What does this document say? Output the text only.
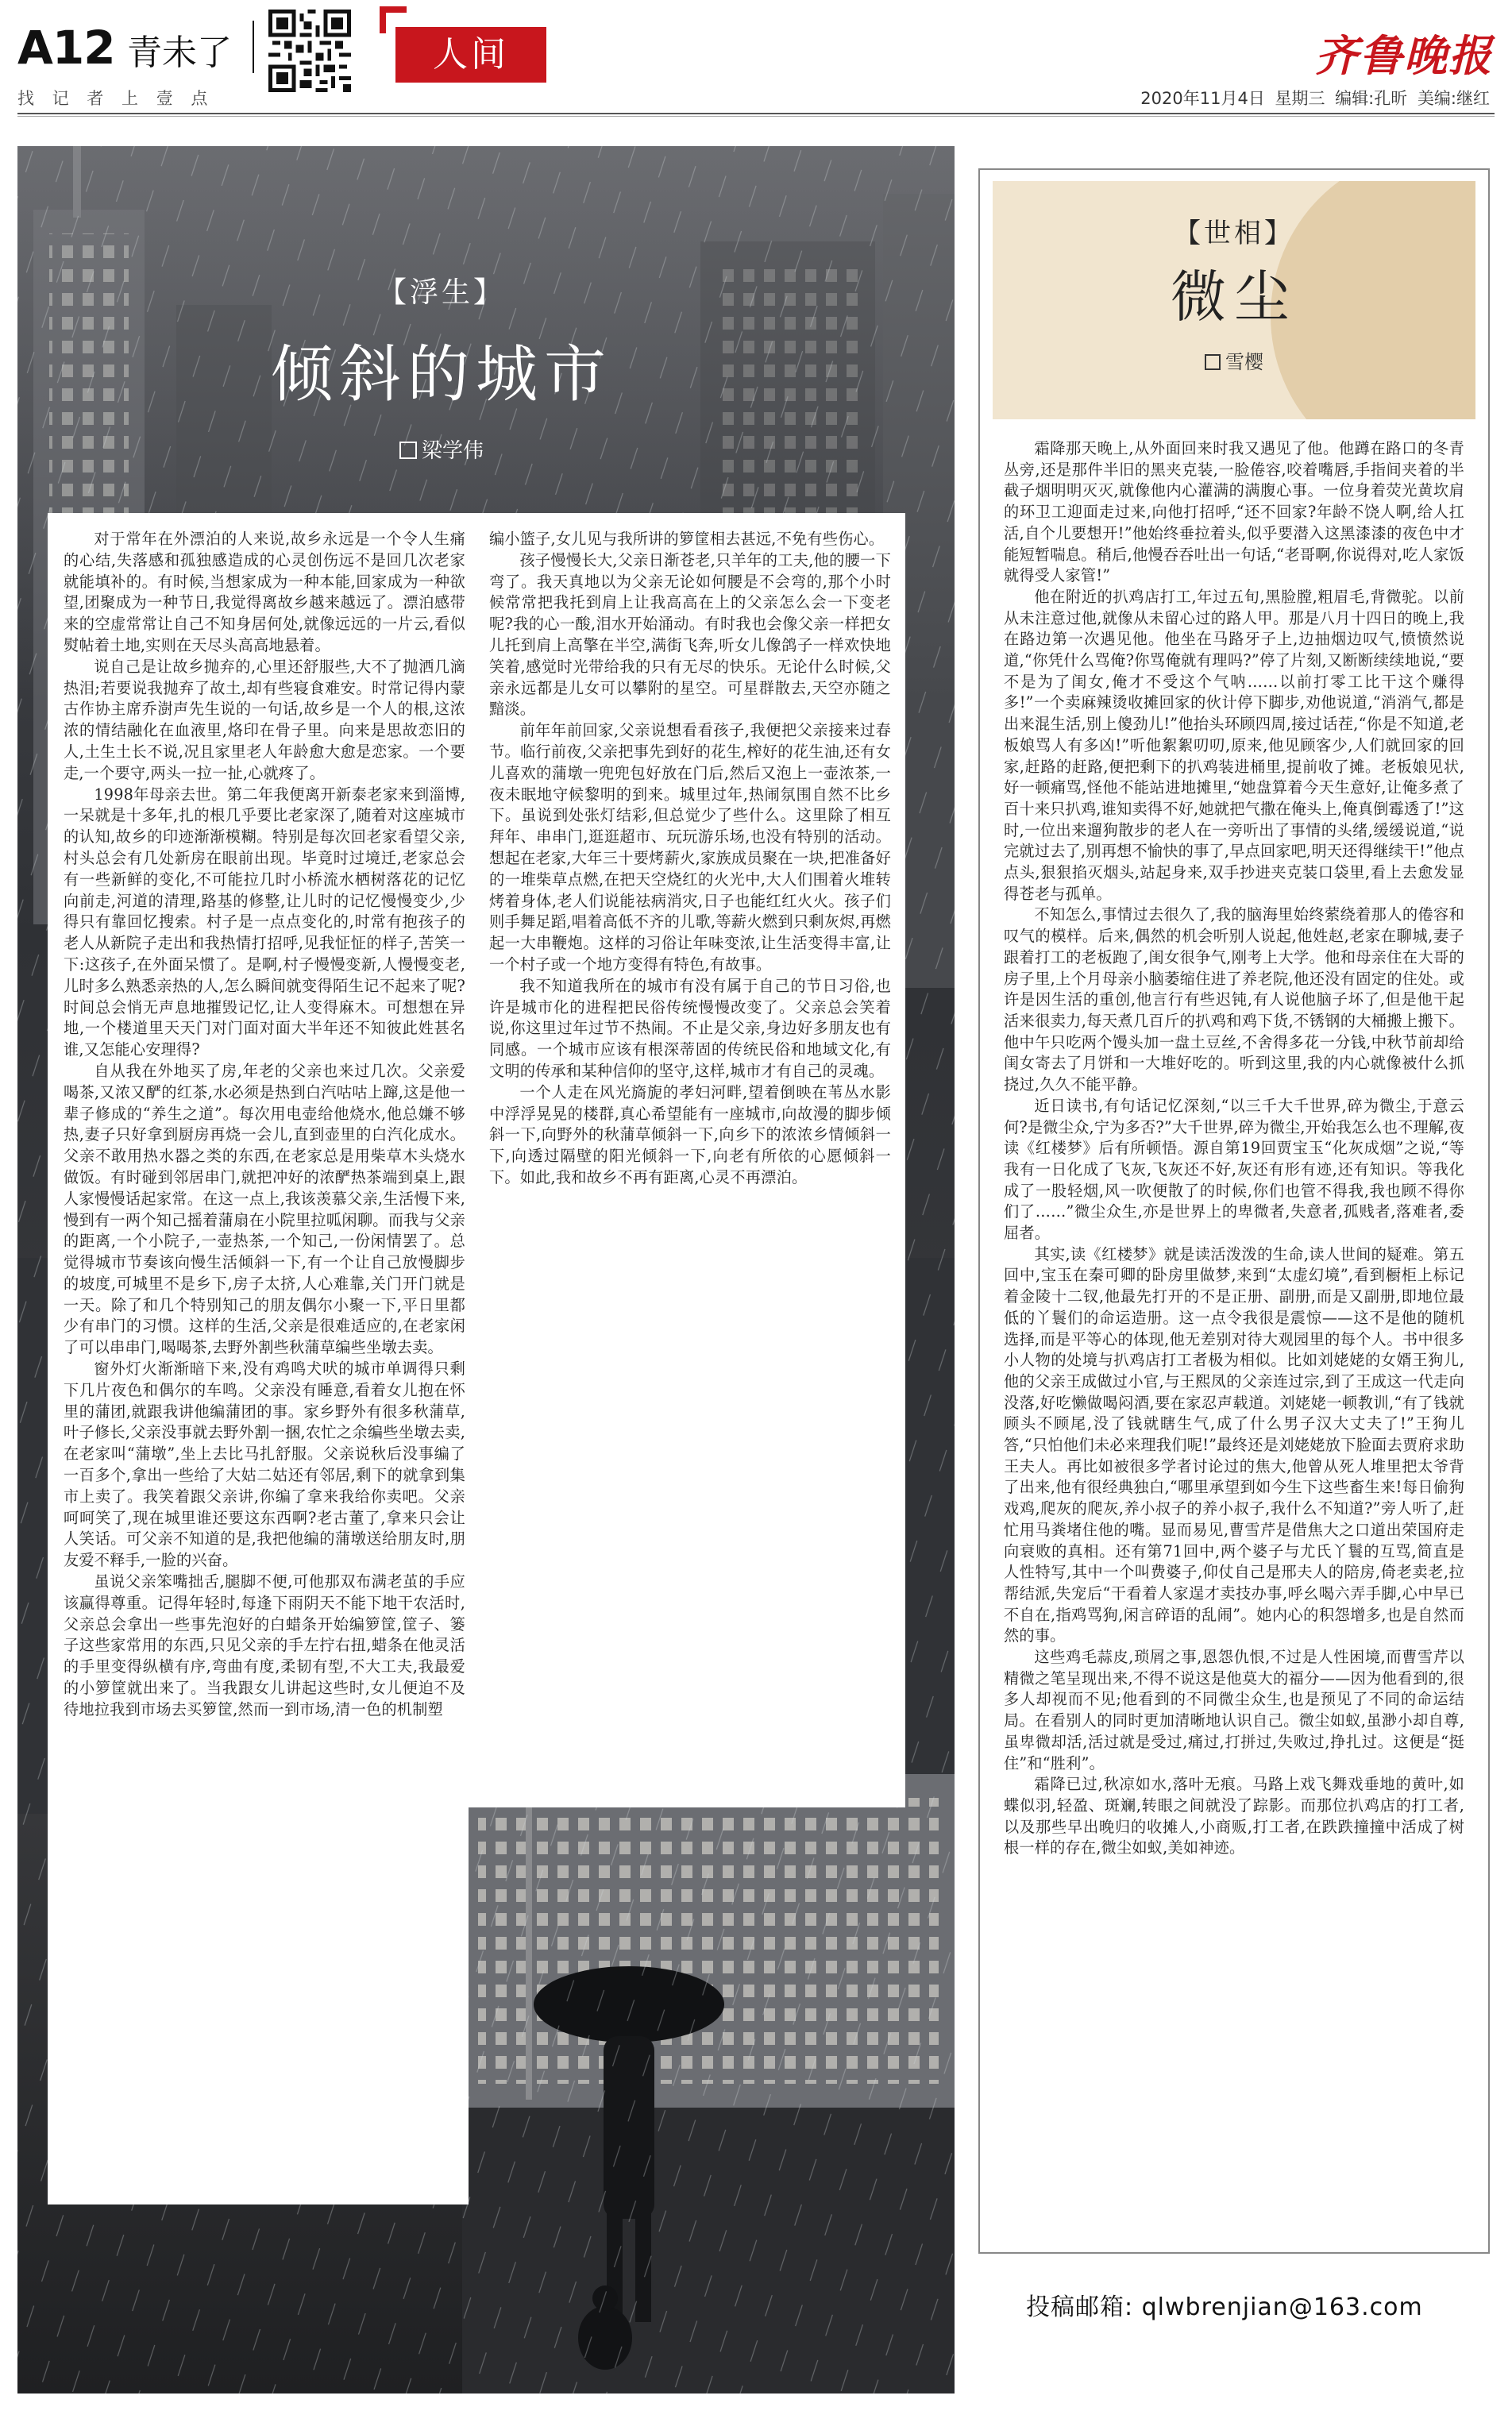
A12 青未了	人间
找 记 者 上 壹 点
齐鲁晚报
2020年11月4日 星期三 编辑:孔昕 美编:继红
【浮生】
倾斜的城市
梁学伟

对于常年在外漂泊的人来说,故乡永远是一个令人生痛的心结,失落感和孤独感造成的心灵创伤远不是回几次老家就能填补的。有时候,当想家成为一种本能,回家成为一种欲望,团聚成为一种节日,我觉得离故乡越来越远了。漂泊感带来的空虚常常让自己不知身居何处,就像远远的一片云,看似熨帖着土地,实则在天尽头高高地悬着。

说自己是让故乡抛弃的,心里还舒服些,大不了抛洒几滴热泪;若要说我抛弃了故土,却有些寝食难安。时常记得内蒙古作协主席乔澍声先生说的一句话,故乡是一个人的根,这浓浓的情结融化在血液里,烙印在骨子里。向来是思故恋旧的人,土生土长不说,况且家里老人年龄愈大愈是恋家。一个要走,一个要守,两头一拉一扯,心就疼了。

1998年母亲去世。第二年我便离开新泰老家来到淄博,一呆就是十多年,扎的根几乎要比老家深了,随着对这座城市的认知,故乡的印迹渐渐模糊。特别是每次回老家看望父亲,村头总会有几处新房在眼前出现。毕竟时过境迁,老家总会有一些新鲜的变化,不可能拉几时小桥流水栖树落花的记忆向前走,河道的清理,路基的修整,让儿时的记忆慢慢变少,少得只有靠回忆搜索。村子是一点点变化的,时常有抱孩子的老人从新院子走出和我热情打招呼,见我怔怔的样子,苦笑一下:这孩子,在外面呆惯了。是啊,村子慢慢变新,人慢慢变老,儿时多么熟悉亲热的人,怎么瞬间就变得陌生记不起来了呢?时间总会悄无声息地摧毁记忆,让人变得麻木。可想想在异地,一个楼道里天天门对门面对面大半年还不知彼此姓甚名谁,又怎能心安理得?

自从我在外地买了房,年老的父亲也来过几次。父亲爱喝茶,又浓又酽的红茶,水必须是热到白汽咕咕上蹿,这是他一辈子修成的“养生之道”。每次用电壶给他烧水,他总嫌不够热,妻子只好拿到厨房再烧一会儿,直到壶里的白汽化成水。父亲不敢用热水器之类的东西,在老家总是用柴草木头烧水做饭。有时碰到邻居串门,就把冲好的浓酽热茶端到桌上,跟人家慢慢话起家常。在这一点上,我该羡慕父亲,生活慢下来,慢到有一两个知己摇着蒲扇在小院里拉呱闲聊。而我与父亲的距离,一个小院子,一壶热茶,一个知己,一份闲情罢了。总觉得城市节奏该向慢生活倾斜一下,有一个让自己放慢脚步的坡度,可城里不是乡下,房子太挤,人心难靠,关门开门就是一天。除了和几个特别知己的朋友偶尔小聚一下,平日里都少有串门的习惯。这样的生活,父亲是很难适应的,在老家闲了可以串串门,喝喝茶,去野外割些秋蒲草编些坐墩去卖。

窗外灯火渐渐暗下来,没有鸡鸣犬吠的城市单调得只剩下几片夜色和偶尔的车鸣。父亲没有睡意,看着女儿抱在怀里的蒲团,就跟我讲他编蒲团的事。家乡野外有很多秋蒲草,叶子修长,父亲没事就去野外割一捆,农忙之余编些坐墩去卖,在老家叫“蒲墩”,坐上去比马扎舒服。父亲说秋后没事编了一百多个,拿出一些给了大姑二姑还有邻居,剩下的就拿到集市上卖了。我笑着跟父亲讲,你编了拿来我给你卖吧。父亲呵呵笑了,现在城里谁还要这东西啊?老古董了,拿来只会让人笑话。可父亲不知道的是,我把他编的蒲墩送给朋友时,朋友爱不释手,一脸的兴奋。

虽说父亲笨嘴拙舌,腿脚不便,可他那双布满老茧的手应该赢得尊重。记得年轻时,每逢下雨阴天不能下地干农活时,父亲总会拿出一些事先泡好的白蜡条开始编箩筐,筐子、篓子这些家常用的东西,只见父亲的手左拧右扭,蜡条在他灵活的手里变得纵横有序,弯曲有度,柔韧有型,不大工夫,我最爱的小箩筐就出来了。当我跟女儿讲起这些时,女儿便迫不及待地拉我到市场去买箩筐,然而一到市场,清一色的机制塑

编小篮子,女儿见与我所讲的箩筐相去甚远,不免有些伤心。

孩子慢慢长大,父亲日渐苍老,只羊年的工夫,他的腰一下弯了。我天真地以为父亲无论如何腰是不会弯的,那个小时候常常把我托到肩上让我高高在上的父亲怎么会一下变老呢?我的心一酸,泪水开始涌动。有时我也会像父亲一样把女儿托到肩上高擎在半空,满街飞奔,听女儿像鸽子一样欢快地笑着,感觉时光带给我的只有无尽的快乐。无论什么时候,父亲永远都是儿女可以攀附的星空。可星群散去,天空亦随之黯淡。

前年年前回家,父亲说想看看孩子,我便把父亲接来过春节。临行前夜,父亲把事先到好的花生,榨好的花生油,还有女儿喜欢的蒲墩一兜兜包好放在门后,然后又泡上一壶浓茶,一夜未眠地守候黎明的到来。城里过年,热闹氛围自然不比乡下。虽说到处张灯结彩,但总觉少了些什么。这里除了相互拜年、串串门,逛逛超市、玩玩游乐场,也没有特别的活动。想起在老家,大年三十要烤薪火,家族成员聚在一块,把准备好的一堆柴草点燃,在把天空烧红的火光中,大人们围着火堆转烤着身体,老人们说能祛病消灾,日子也能红红火火。孩子们则手舞足蹈,唱着高低不齐的儿歌,等薪火燃到只剩灰烬,再燃起一大串鞭炮。这样的习俗让年味变浓,让生活变得丰富,让一个村子或一个地方变得有特色,有故事。

我不知道我所在的城市有没有属于自己的节日习俗,也许是城市化的进程把民俗传统慢慢改变了。父亲总会笑着说,你这里过年过节不热闹。不止是父亲,身边好多朋友也有同感。一个城市应该有根深蒂固的传统民俗和地域文化,有文明的传承和某种信仰的坚守,这样,城市才有自己的灵魂。

一个人走在风光旖旎的孝妇河畔,望着倒映在苇丛水影中浮浮晃晃的楼群,真心希望能有一座城市,向故漫的脚步倾斜一下,向野外的秋蒲草倾斜一下,向乡下的浓浓乡情倾斜一下,向透过隔壁的阳光倾斜一下,向老有所依的心愿倾斜一下。如此,我和故乡不再有距离,心灵不再漂泊。

【世相】
微尘
雪樱

霜降那天晚上,从外面回来时我又遇见了他。他蹲在路口的冬青丛旁,还是那件半旧的黑夹克装,一脸倦容,咬着嘴唇,手指间夹着的半截子烟明明灭灭,就像他内心灌满的满腹心事。一位身着荧光黄坎肩的环卫工迎面走过来,向他打招呼,“还不回家?年龄不饶人啊,给人扛活,自个儿要想开!”他始终垂拉着头,似乎要潜入这黑漆漆的夜色中才能短暂喘息。稍后,他慢吞吞吐出一句话,“老哥啊,你说得对,吃人家饭就得受人家管!”

他在附近的扒鸡店打工,年过五旬,黑脸膛,粗眉毛,背微驼。以前从未注意过他,就像从未留心过的路人甲。那是八月十四日的晚上,我在路边第一次遇见他。他坐在马路牙子上,边抽烟边叹气,愤愤然说道,“你凭什么骂俺?你骂俺就有理吗?”停了片刻,又断断续续地说,“要不是为了闺女,俺才不受这个气呐……以前打零工比干这个赚得多!”一个卖麻辣烫收摊回家的伙计停下脚步,劝他说道,“消消气,都是出来混生活,别上傻劲儿!”他抬头环顾四周,接过话茬,“你是不知道,老板娘骂人有多凶!”听他絮絮叨叨,原来,他见顾客少,人们就回家的回家,赶路的赶路,便把剩下的扒鸡装进桶里,提前收了摊。老板娘见状,好一顿痛骂,怪他不能站进地摊里,“她盘算着今天生意好,让俺多煮了百十来只扒鸡,谁知卖得不好,她就把气撒在俺头上,俺真倒霉透了!”这时,一位出来遛狗散步的老人在一旁听出了事情的头绪,缓缓说道,“说完就过去了,别再想不愉快的事了,早点回家吧,明天还得继续干!”他点点头,狠狠掐灭烟头,站起身来,双手抄进夹克装口袋里,看上去愈发显得苍老与孤单。

不知怎么,事情过去很久了,我的脑海里始终萦绕着那人的倦容和叹气的模样。后来,偶然的机会听别人说起,他姓赵,老家在聊城,妻子跟着打工的老板跑了,闺女很争气,刚考上大学。他和母亲住在大哥的房子里,上个月母亲小脑萎缩住进了养老院,他还没有固定的住处。或许是因生活的重创,他言行有些迟钝,有人说他脑子坏了,但是他干起活来很卖力,每天煮几百斤的扒鸡和鸡下货,不锈钢的大桶搬上搬下。他中午只吃两个馒头加一盘土豆丝,不舍得多花一分钱,中秋节前却给闺女寄去了月饼和一大堆好吃的。听到这里,我的内心就像被什么抓挠过,久久不能平静。

近日读书,有句话记忆深刻,“以三千大千世界,碎为微尘,于意云何?是微尘众,宁为多否?”大千世界,碎为微尘,开始我怎么也不理解,夜读《红楼梦》后有所顿悟。源自第19回贾宝玉“化灰成烟”之说,“等我有一日化成了飞灰,飞灰还不好,灰还有形有迹,还有知识。等我化成了一股轻烟,风一吹便散了的时候,你们也管不得我,我也顾不得你们了……”微尘众生,亦是世界上的卑微者,失意者,孤贱者,落难者,委屈者。

其实,读《红楼梦》就是读活泼泼的生命,读人世间的疑难。第五回中,宝玉在秦可卿的卧房里做梦,来到“太虚幻境”,看到橱柜上标记着金陵十二钗,他最先打开的不是正册、副册,而是又副册,即地位最低的丫鬟们的命运造册。这一点令我很是震惊——这不是他的随机选择,而是平等心的体现,他无差别对待大观园里的每个人。书中很多小人物的处境与扒鸡店打工者极为相似。比如刘姥姥的女婿王狗儿,他的父亲王成做过小官,与王熙凤的父亲连过宗,到了王成这一代走向没落,好吃懒做喝闷酒,要在家忍声载道。刘姥姥一顿教训,“有了钱就顾头不顾尾,没了钱就瞎生气,成了什么男子汉大丈夫了!”王狗儿答,“只怕他们未必来理我们呢!”最终还是刘姥姥放下脸面去贾府求助王夫人。再比如被很多学者讨论过的焦大,他曾从死人堆里把太爷背了出来,他有很经典独白,“哪里承望到如今生下这些畜生来!每日偷狗戏鸡,爬灰的爬灰,养小叔子的养小叔子,我什么不知道?”旁人听了,赶忙用马粪堵住他的嘴。显而易见,曹雪芹是借焦大之口道出荣国府走向衰败的真相。还有第71回中,两个婆子与尤氏丫鬟的互骂,简直是人性特写,其中一个叫费婆子,仰仗自己是邢夫人的陪房,倚老卖老,拉帮结派,失宠后“干看着人家逞才卖技办事,呼幺喝六弄手脚,心中早已不自在,指鸡骂狗,闲言碎语的乱闹”。她内心的积怨增多,也是自然而然的事。

这些鸡毛蒜皮,琐屑之事,恩怨仇恨,不过是人性困境,而曹雪芹以精微之笔呈现出来,不得不说这是他莫大的福分——因为他看到的,很多人却视而不见;他看到的不同微尘众生,也是预见了不同的命运结局。在看别人的同时更加清晰地认识自己。微尘如蚁,虽渺小却自尊,虽卑微却活,活过就是受过,痛过,打拼过,失败过,挣扎过。这便是“挺住”和“胜利”。

霜降已过,秋凉如水,落叶无痕。马路上戏飞舞戏垂地的黄叶,如蝶似羽,轻盈、斑斓,转眼之间就没了踪影。而那位扒鸡店的打工者,以及那些早出晚归的收摊人,小商贩,打工者,在跌跌撞撞中活成了树根一样的存在,微尘如蚁,美如神迹。

投稿邮箱: qlwbrenjian@163.com
